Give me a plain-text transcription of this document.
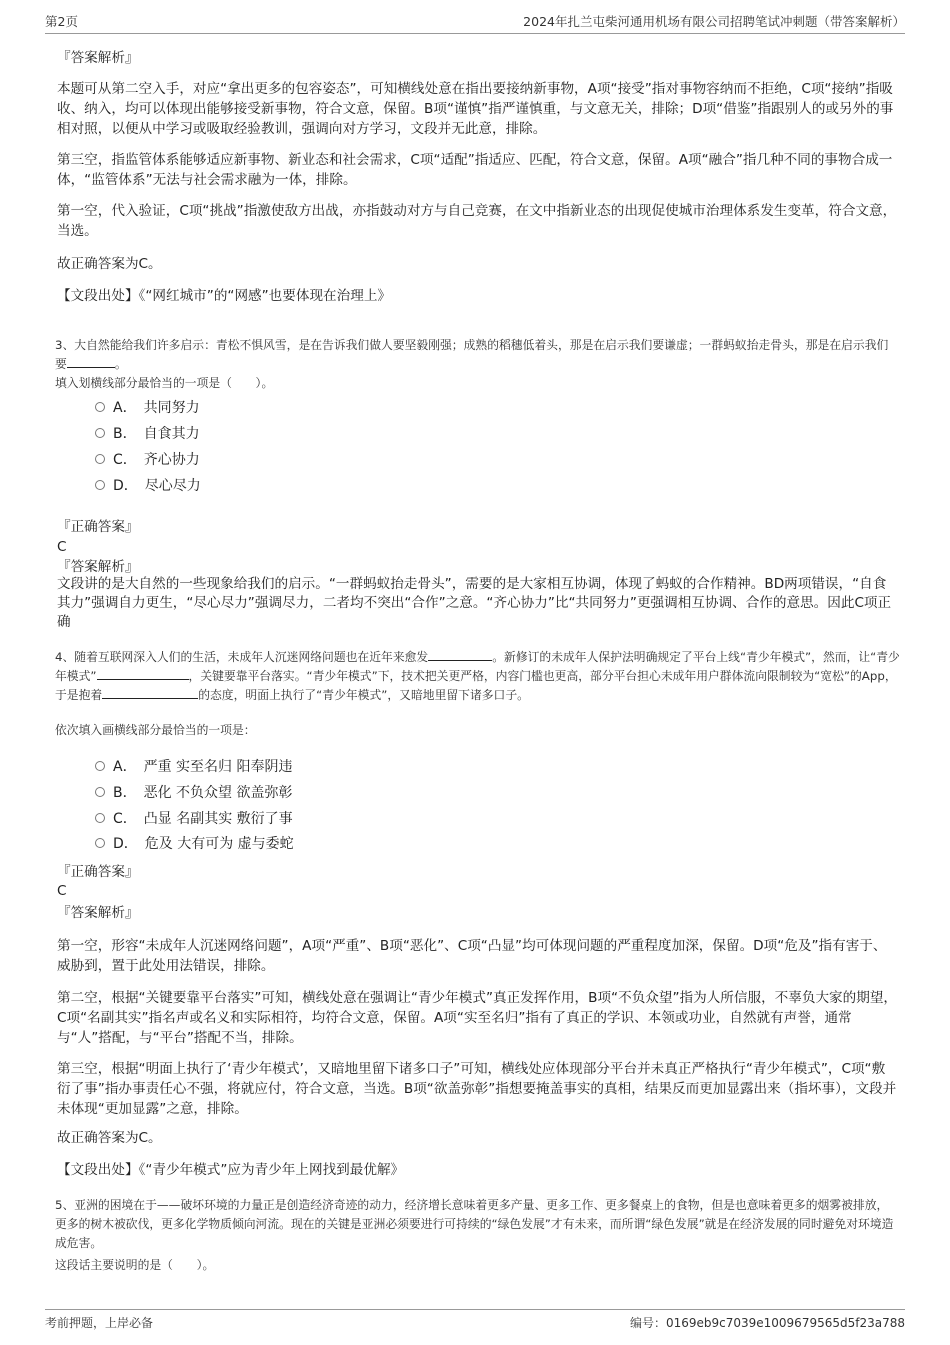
第2页	2024年扎兰屯柴河通用机场有限公司招聘笔试冲刺题（带答案解析）

『答案解析』

本题可从第二空入手，对应“拿出更多的包容姿态”，可知横线处意在指出要接纳新事物，A项“接受”指对事物容纳而不拒绝，C项“接纳”指吸收、纳入，均可以体现出能够接受新事物，符合文意，保留。B项“谨慎”指严谨慎重，与文意无关，排除；D项“借鉴”指跟别人的或另外的事相对照，以便从中学习或吸取经验教训，强调向对方学习，文段并无此意，排除。

第三空，指监管体系能够适应新事物、新业态和社会需求，C项“适配”指适应、匹配，符合文意，保留。A项“融合”指几种不同的事物合成一体，“监管体系”无法与社会需求融为一体，排除。

第一空，代入验证，C项“挑战”指激使敌方出战，亦指鼓动对方与自己竞赛，在文中指新业态的出现促使城市治理体系发生变革，符合文意，当选。

故正确答案为C。

【文段出处】《“网红城市”的“网感”也要体现在治理上》

3、大自然能给我们许多启示：青松不惧风雪，是在告诉我们做人要坚毅刚强；成熟的稻穗低着头，那是在启示我们要谦虚；一群蚂蚁抬走骨头，那是在启示我们要	。

填入划横线部分最恰当的一项是（　　）。

A．　共同努力
B．　自食其力
C．　齐心协力
D．　尽心尽力

『正确答案』

C

『答案解析』

文段讲的是大自然的一些现象给我们的启示。“一群蚂蚁抬走骨头”，需要的是大家相互协调，体现了蚂蚁的合作精神。BD两项错误，“自食其力”强调自力更生，“尽心尽力”强调尽力，二者均不突出“合作”之意。“齐心协力”比“共同努力”更强调相互协调、合作的意思。因此C项正确

4、随着互联网深入人们的生活，未成年人沉迷网络问题也在近年来愈发	。新修订的未成年人保护法明确规定了平台上线“青少年模式”，然而，让“青少年模式”	，关键要靠平台落实。“青少年模式”下，技术把关更严格，内容门槛也更高，部分平台担心未成年用户群体流向限制较为“宽松”的App，于是抱着	的态度，明面上执行了“青少年模式”，又暗地里留下诸多口子。

依次填入画横线部分最恰当的一项是：

A．　严重 实至名归 阳奉阴违
B．　恶化 不负众望 欲盖弥彰
C．　凸显 名副其实 敷衍了事
D．　危及 大有可为 虚与委蛇

『正确答案』

C

『答案解析』

第一空，形容“未成年人沉迷网络问题”，A项“严重”、B项“恶化”、C项“凸显”均可体现问题的严重程度加深，保留。D项“危及”指有害于、威胁到，置于此处用法错误，排除。

第二空，根据“关键要靠平台落实”可知，横线处意在强调让“青少年模式”真正发挥作用，B项“不负众望”指为人所信服，不辜负大家的期望，C项“名副其实”指名声或名义和实际相符，均符合文意，保留。A项“实至名归”指有了真正的学识、本领或功业，自然就有声誉，通常与“人”搭配，与“平台”搭配不当，排除。

第三空，根据“明面上执行了‘青少年模式’，又暗地里留下诸多口子”可知，横线处应体现部分平台并未真正严格执行“青少年模式”，C项“敷衍了事”指办事责任心不强，将就应付，符合文意，当选。B项“欲盖弥彰”指想要掩盖事实的真相，结果反而更加显露出来（指坏事），文段并未体现“更加显露”之意，排除。

故正确答案为C。

【文段出处】《“青少年模式”应为青少年上网找到最优解》

5、亚洲的困境在于——破坏环境的力量正是创造经济奇迹的动力，经济增长意味着更多产量、更多工作、更多餐桌上的食物，但是也意味着更多的烟雾被排放，更多的树木被砍伐，更多化学物质倾向河流。现在的关键是亚洲必须要进行可持续的“绿色发展”才有未来，而所谓“绿色发展”就是在经济发展的同时避免对环境造成危害。

这段话主要说明的是（　　）。

考前押题，上岸必备	编号：0169eb9c7039e1009679565d5f23a788
